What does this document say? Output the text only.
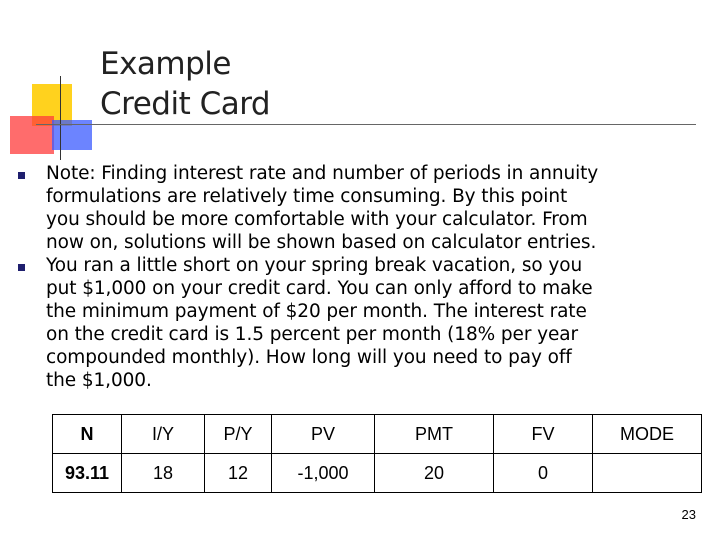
Example
Credit Card
Note: Finding interest rate and number of periods in annuity
formulations are relatively time consuming. By this point
you should be more comfortable with your calculator. From
now on, solutions will be shown based on calculator entries.
You ran a little short on your spring break vacation, so you
put $1,000 on your credit card. You can only afford to make
the minimum payment of $20 per month. The interest rate
on the credit card is 1.5 percent per month (18% per year
compounded monthly). How long will you need to pay off
the $1,000.
N	I/Y	P/Y	PV	PMT	FV	MODE
93.11	18	12	-1,000	20	0	
23
